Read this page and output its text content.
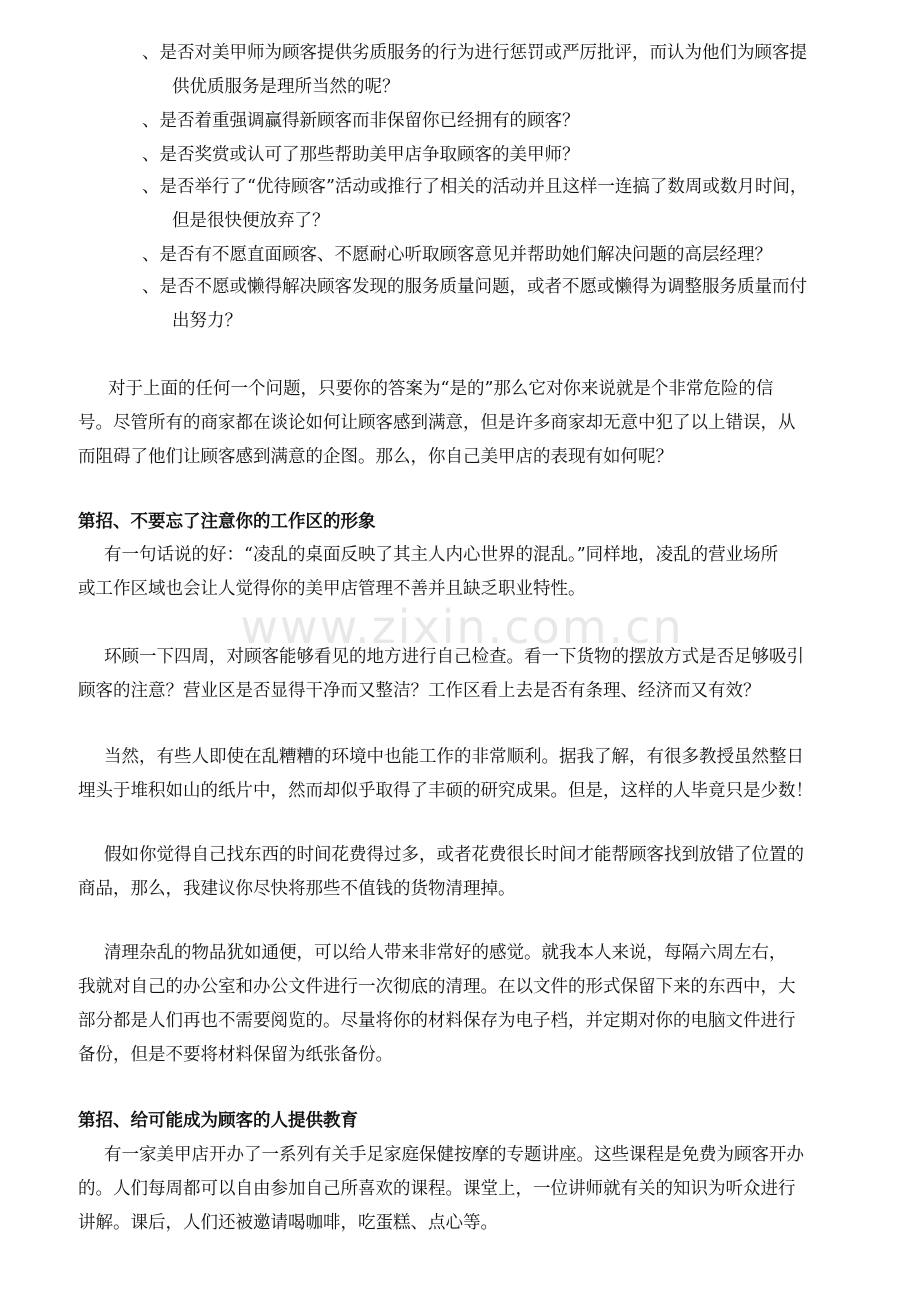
、是否对美甲师为顾客提供劣质服务的行为进行惩罚或严厉批评，而认为他们为顾客提
供优质服务是理所当然的呢？
、是否着重强调赢得新顾客而非保留你已经拥有的顾客？
、是否奖赏或认可了那些帮助美甲店争取顾客的美甲师？
、是否举行了“优待顾客”活动或推行了相关的活动并且这样一连搞了数周或数月时间，
但是很快便放弃了？
、是否有不愿直面顾客、不愿耐心听取顾客意见并帮助她们解决问题的高层经理？
、是否不愿或懒得解决顾客发现的服务质量问题，或者不愿或懒得为调整服务质量而付
出努力？
对于上面的任何一个问题，只要你的答案为“是的”那么它对你来说就是个非常危险的信
号。尽管所有的商家都在谈论如何让顾客感到满意，但是许多商家却无意中犯了以上错误，从
而阻碍了他们让顾客感到满意的企图。那么，你自己美甲店的表现有如何呢？
第招、不要忘了注意你的工作区的形象
有一句话说的好：“凌乱的桌面反映了其主人内心世界的混乱。”同样地，凌乱的营业场所
或工作区域也会让人觉得你的美甲店管理不善并且缺乏职业特性。
环顾一下四周，对顾客能够看见的地方进行自己检查。看一下货物的摆放方式是否足够吸引
顾客的注意？营业区是否显得干净而又整洁？工作区看上去是否有条理、经济而又有效？
当然，有些人即使在乱糟糟的环境中也能工作的非常顺利。据我了解，有很多教授虽然整日
埋头于堆积如山的纸片中，然而却似乎取得了丰硕的研究成果。但是，这样的人毕竟只是少数！
假如你觉得自己找东西的时间花费得过多，或者花费很长时间才能帮顾客找到放错了位置的
商品，那么，我建议你尽快将那些不值钱的货物清理掉。
清理杂乱的物品犹如通便，可以给人带来非常好的感觉。就我本人来说，每隔六周左右，
我就对自己的办公室和办公文件进行一次彻底的清理。在以文件的形式保留下来的东西中，大
部分都是人们再也不需要阅览的。尽量将你的材料保存为电子档，并定期对你的电脑文件进行
备份，但是不要将材料保留为纸张备份。
第招、给可能成为顾客的人提供教育
有一家美甲店开办了一系列有关手足家庭保健按摩的专题讲座。这些课程是免费为顾客开办
的。人们每周都可以自由参加自己所喜欢的课程。课堂上，一位讲师就有关的知识为听众进行
讲解。课后，人们还被邀请喝咖啡，吃蛋糕、点心等。
www.zixin.com.cn
